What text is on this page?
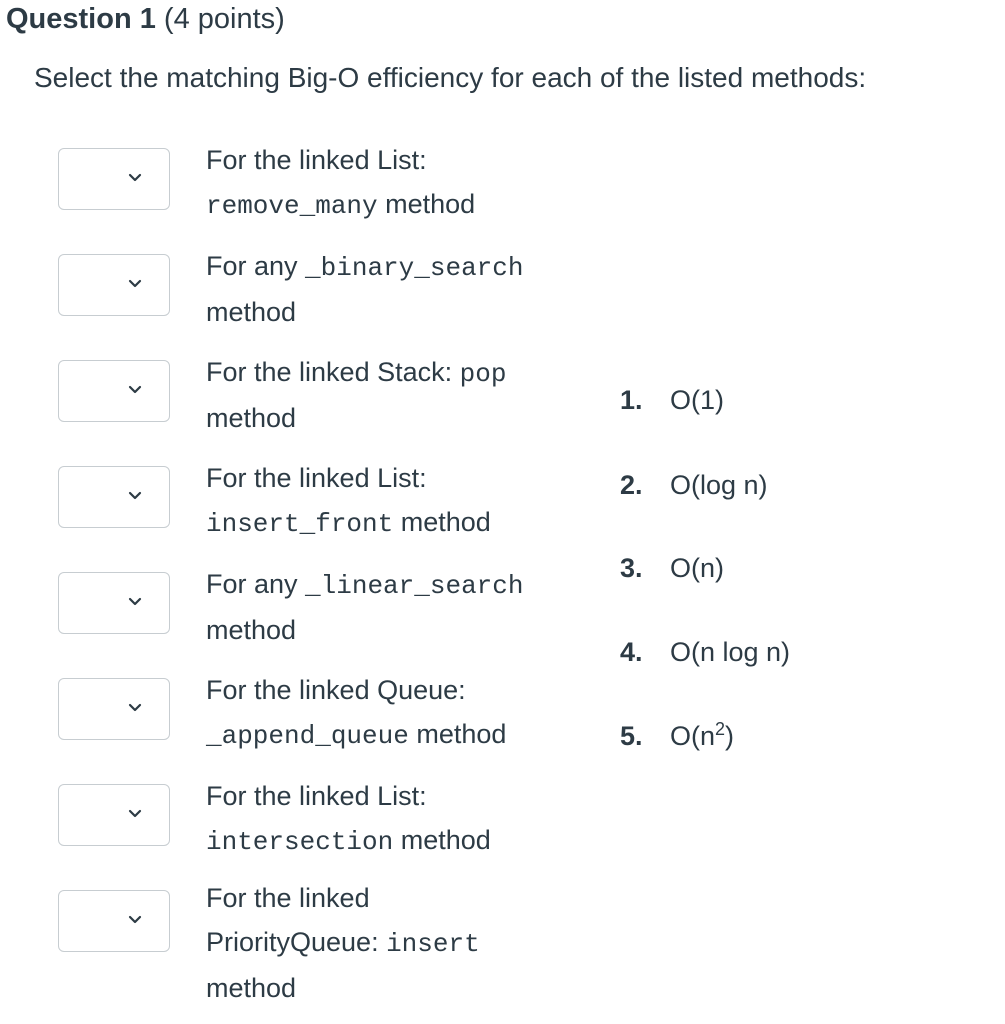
Question 1 (4 points)
Select the matching Big-O efficiency for each of the listed methods:
For the linked List:
remove_many method
For any _binary_search
method
For the linked Stack: pop
method
For the linked List:
insert_front method
For any _linear_search
method
For the linked Queue:
_append_queue method
For the linked List:
intersection method
For the linked
PriorityQueue: insert
method
1. O(1)
2. O(log n)
3. O(n)
4. O(n log n)
5. $O(n^2)$
